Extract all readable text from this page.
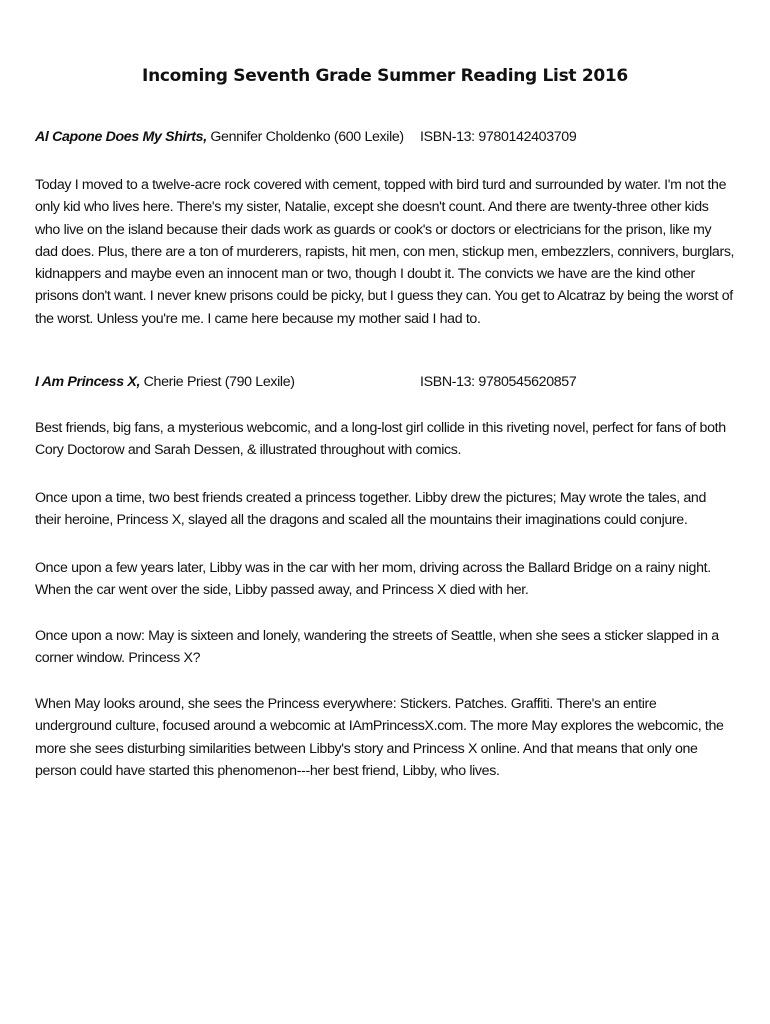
Incoming Seventh Grade Summer Reading List 2016
Al Capone Does My Shirts, Gennifer Choldenko (600 Lexile) ISBN-13: 9780142403709

Today I moved to a twelve-acre rock covered with cement, topped with bird turd and surrounded by water. I'm not the only kid who lives here. There's my sister, Natalie, except she doesn't count. And there are twenty-three other kids who live on the island because their dads work as guards or cook's or doctors or electricians for the prison, like my dad does. Plus, there are a ton of murderers, rapists, hit men, con men, stickup men, embezzlers, connivers, burglars, kidnappers and maybe even an innocent man or two, though I doubt it. The convicts we have are the kind other prisons don't want. I never knew prisons could be picky, but I guess they can. You get to Alcatraz by being the worst of the worst. Unless you're me. I came here because my mother said I had to.

I Am Princess X, Cherie Priest (790 Lexile)	ISBN-13: 9780545620857

Best friends, big fans, a mysterious webcomic, and a long-lost girl collide in this riveting novel, perfect for fans of both Cory Doctorow and Sarah Dessen, & illustrated throughout with comics.

Once upon a time, two best friends created a princess together. Libby drew the pictures; May wrote the tales, and their heroine, Princess X, slayed all the dragons and scaled all the mountains their imaginations could conjure.

Once upon a few years later, Libby was in the car with her mom, driving across the Ballard Bridge on a rainy night. When the car went over the side, Libby passed away, and Princess X died with her.

Once upon a now: May is sixteen and lonely, wandering the streets of Seattle, when she sees a sticker slapped in a corner window. Princess X?

When May looks around, she sees the Princess everywhere: Stickers. Patches. Graffiti. There's an entire underground culture, focused around a webcomic at IAmPrincessX.com. The more May explores the webcomic, the more she sees disturbing similarities between Libby's story and Princess X online. And that means that only one person could have started this phenomenon---her best friend, Libby, who lives.
